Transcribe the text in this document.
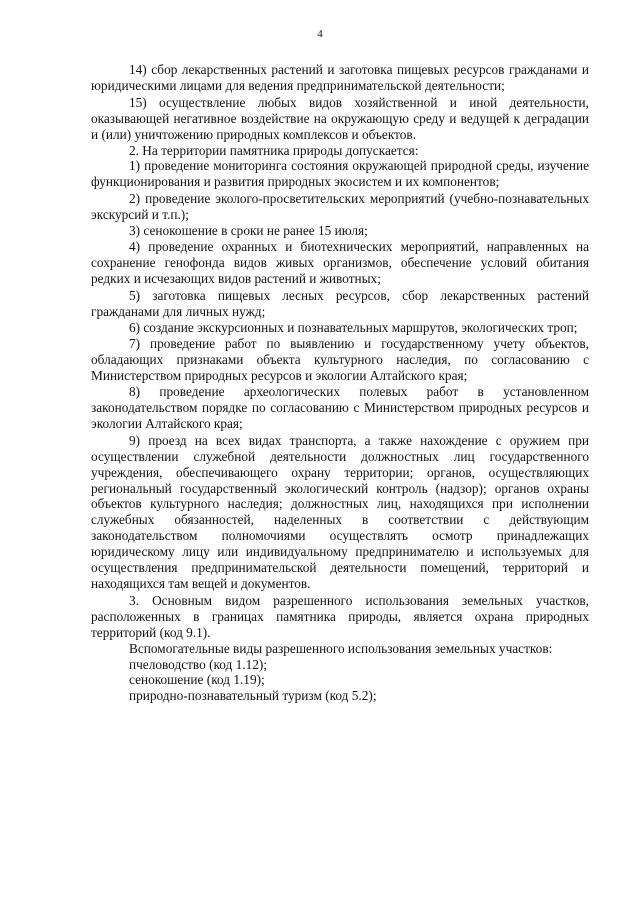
4

14) сбор лекарственных растений и заготовка пищевых ресурсов гражданами и юридическими лицами для ведения предпринимательской деятельности;

15) осуществление любых видов хозяйственной и иной деятельности, оказывающей негативное воздействие на окружающую среду и ведущей к деградации и (или) уничтожению природных комплексов и объектов.

2. На территории памятника природы допускается:

1) проведение мониторинга состояния окружающей природной среды, изучение функционирования и развития природных экосистем и их компонентов;

2) проведение эколого-просветительских мероприятий (учебно-познавательных экскурсий и т.п.);

3) сенокошение в сроки не ранее 15 июля;

4) проведение охранных и биотехнических мероприятий, направленных на сохранение генофонда видов живых организмов, обеспечение условий обитания редких и исчезающих видов растений и животных;

5) заготовка пищевых лесных ресурсов, сбор лекарственных растений гражданами для личных нужд;

6) создание экскурсионных и познавательных маршрутов, экологических троп;

7) проведение работ по выявлению и государственному учету объектов, обладающих признаками объекта культурного наследия, по согласованию с Министерством природных ресурсов и экологии Алтайского края;

8) проведение археологических полевых работ в установленном законодательством порядке по согласованию с Министерством природных ресурсов и экологии Алтайского края;

9) проезд на всех видах транспорта, а также нахождение с оружием при осуществлении служебной деятельности должностных лиц государственного учреждения, обеспечивающего охрану территории; органов, осуществляющих региональный государственный экологический контроль (надзор); органов охраны объектов культурного наследия; должностных лиц, находящихся при исполнении служебных обязанностей, наделенных в соответствии с действующим законодательством полномочиями осуществлять осмотр принадлежащих юридическому лицу или индивидуальному предпринимателю и используемых для осуществления предпринимательской деятельности помещений, территорий и находящихся там вещей и документов.

3. Основным видом разрешенного использования земельных участков, расположенных в границах памятника природы, является охрана природных территорий (код 9.1).

Вспомогательные виды разрешенного использования земельных участков:

пчеловодство (код 1.12);

сенокошение (код 1.19);

природно-познавательный туризм (код 5.2);
